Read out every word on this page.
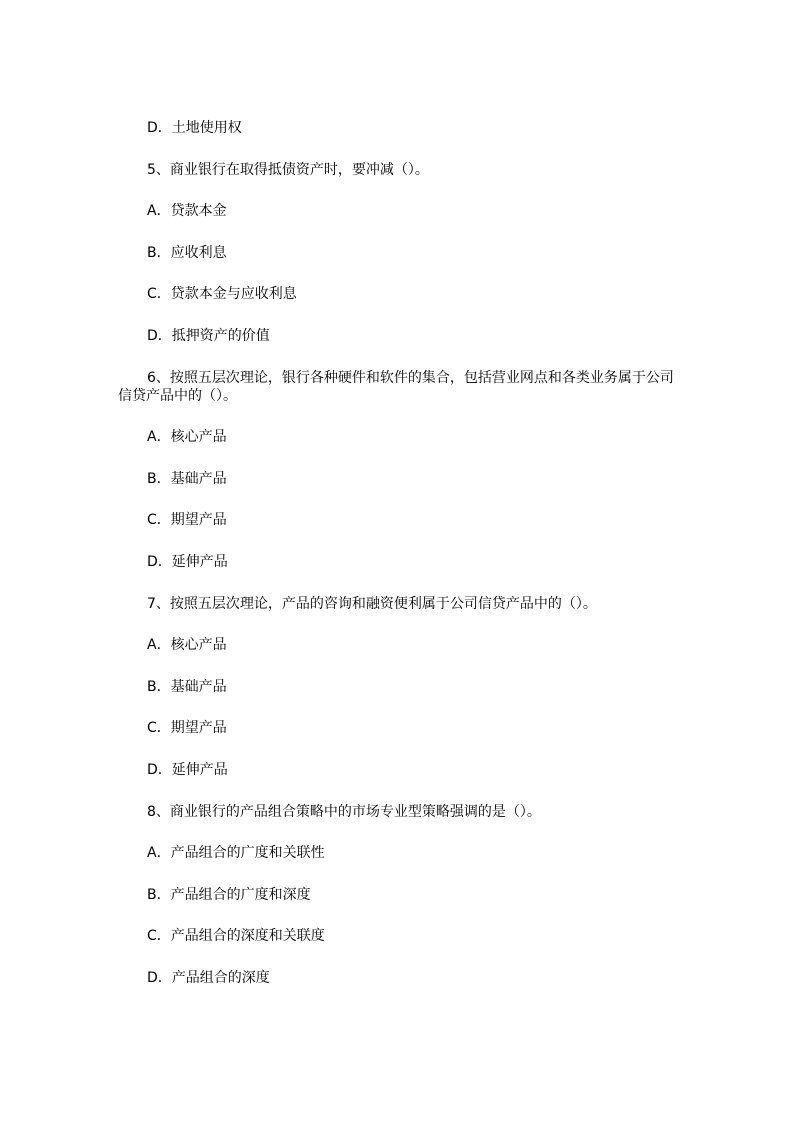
D．土地使用权

5、商业银行在取得抵债资产时，要冲减（）。

A．贷款本金

B．应收利息

C．贷款本金与应收利息

D．抵押资产的价值

6、按照五层次理论，银行各种硬件和软件的集合，包括营业网点和各类业务属于公司
信贷产品中的（）。

A．核心产品

B．基础产品

C．期望产品

D．延伸产品

7、按照五层次理论，产品的咨询和融资便利属于公司信贷产品中的（）。

A．核心产品

B．基础产品

C．期望产品

D．延伸产品

8、商业银行的产品组合策略中的市场专业型策略强调的是（）。

A．产品组合的广度和关联性

B．产品组合的广度和深度

C．产品组合的深度和关联度

D．产品组合的深度
